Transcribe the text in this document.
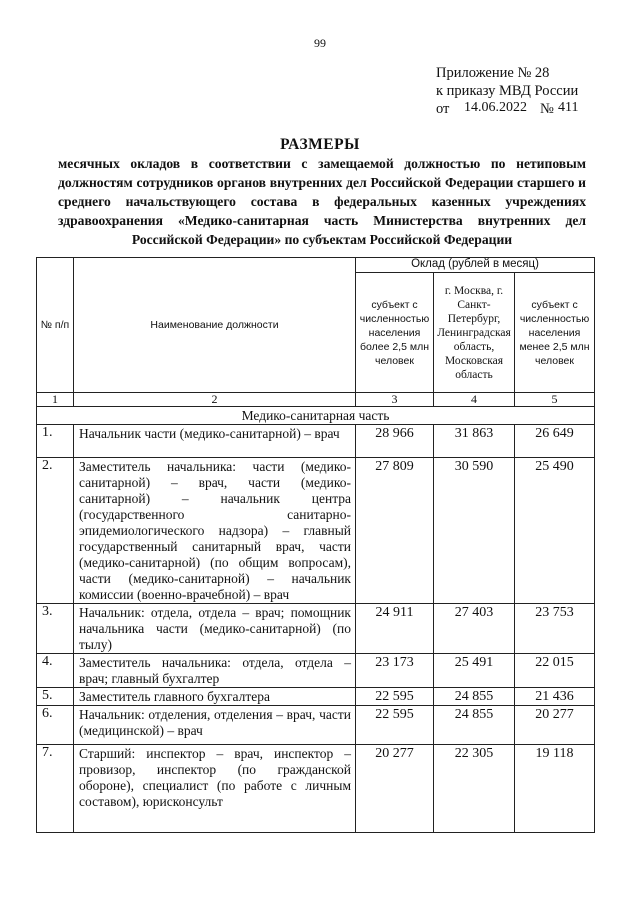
99
Приложение № 28
к приказу МВД России
от 14.06.2022 № 411
РАЗМЕРЫ
месячных окладов в соответствии с замещаемой должностью по нетиповым должностям сотрудников органов внутренних дел Российской Федерации старшего и среднего начальствующего состава в федеральных казенных учреждениях здравоохранения «Медико-санитарная часть Министерства внутренних дел Российской Федерации» по субъектам Российской Федерации
№ п/п	Наименование должности	Оклад (рублей в месяц)		
		субъект с численностью населения более 2,5 млн человек	г. Москва, г. Санкт-Петербург, Ленинградская область, Московская область	субъект с численностью населения менее 2,5 млн человек
1	2	3	4	5
Медико-санитарная часть				
1.	Начальник части (медико-санитарной) – врач	28 966	31 863	26 649
2.	Заместитель начальника: части (медико-санитарной) – врач, части (медико-санитарной) – начальник центра (государственного санитарно-эпидемиологического надзора) – главный государственный санитарный врач, части (медико-санитарной) (по общим вопросам), части (медико-санитарной) – начальник комиссии (военно-врачебной) – врач	27 809	30 590	25 490
3.	Начальник: отдела, отдела – врач; помощник начальника части (медико-санитарной) (по тылу)	24 911	27 403	23 753
4.	Заместитель начальника: отдела, отдела – врач; главный бухгалтер	23 173	25 491	22 015
5.	Заместитель главного бухгалтера	22 595	24 855	21 436
6.	Начальник: отделения, отделения – врач, части (медицинской) – врач	22 595	24 855	20 277
7.	Старший: инспектор – врач, инспектор – провизор, инспектор (по гражданской обороне), специалист (по работе с личным составом), юрисконсульт	20 277	22 305	19 118
